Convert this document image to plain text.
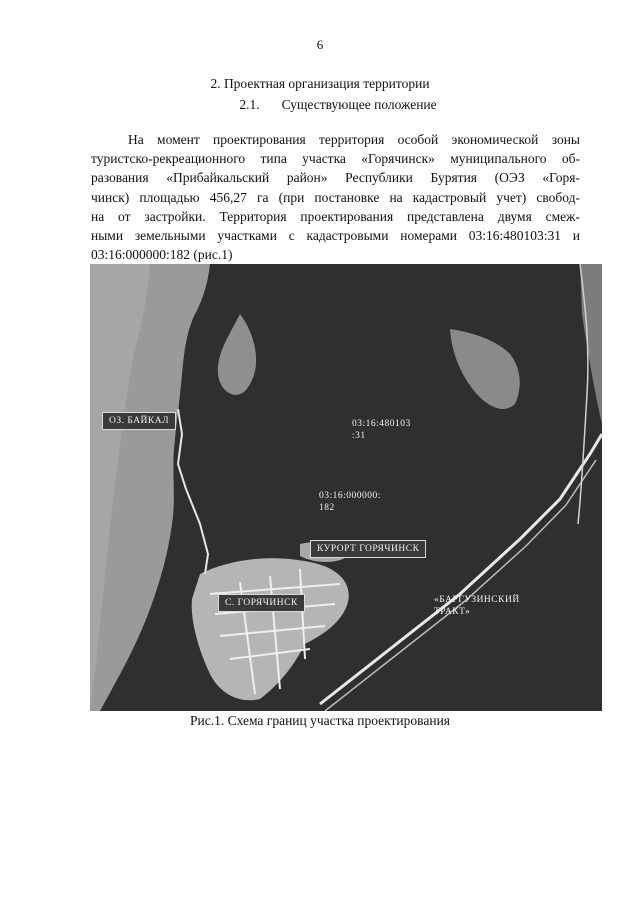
6
2. Проектная организация территории
2.1. Существующее положение
На момент проектирования территория особой экономической зоны
туристско-рекреационного типа участка «Горячинск» муниципального об-
разования «Прибайкальский район» Республики Бурятия (ОЭЗ «Горя-
чинск) площадью 456,27 га (при постановке на кадастровый учет) свобод-
на от застройки. Территория проектирования представлена двумя смеж-
ными земельными участками с кадастровыми номерами 03:16:480103:31 и
03:16:000000:182 (рис.1)
ОЗ. БАЙКАЛ	03:16:480103
:31
03:16:000000:
182
КУРОРТ ГОРЯЧИНСК
С. ГОРЯЧИНСК	«БАРГУЗИНСКИЙ
ТРАКТ»
Рис.1. Схема границ участка проектирования
